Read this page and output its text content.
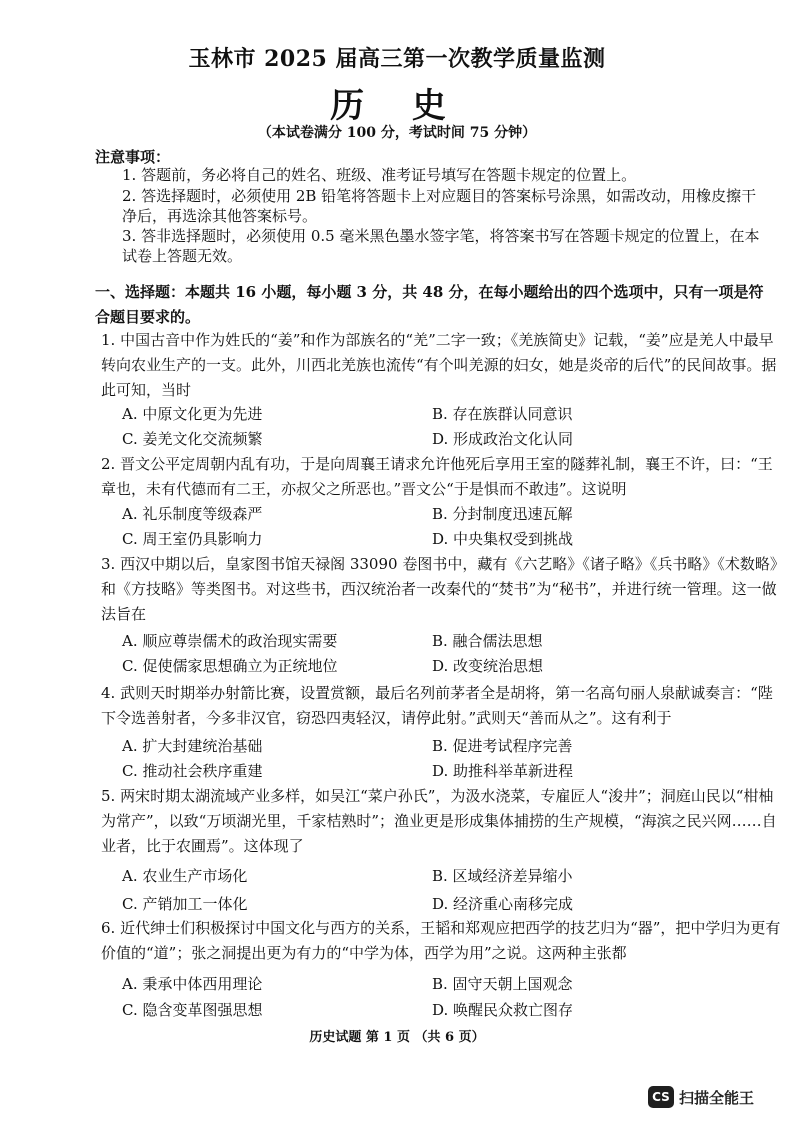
玉林市 2025 届高三第一次教学质量监测
历 史
（本试卷满分 100 分，考试时间 75 分钟）
注意事项：
1. 答题前，务必将自己的姓名、班级、准考证号填写在答题卡规定的位置上。
2. 答选择题时，必须使用 2B 铅笔将答题卡上对应题目的答案标号涂黑，如需改动，用橡皮擦干净后，再选涂其他答案标号。
3. 答非选择题时，必须使用 0.5 毫米黑色墨水签字笔，将答案书写在答题卡规定的位置上，在本试卷上答题无效。
一、选择题：本题共 16 小题，每小题 3 分，共 48 分，在每小题给出的四个选项中，只有一项是符合题目要求的。
1. 中国古音中作为姓氏的“姜”和作为部族名的“羌”二字一致；《羌族简史》记载，“姜”应是羌人中最早转向农业生产的一支。此外，川西北羌族也流传“有个叫羌源的妇女，她是炎帝的后代”的民间故事。据此可知，当时
A. 中原文化更为先进	B. 存在族群认同意识
C. 姜羌文化交流频繁	D. 形成政治文化认同
2. 晋文公平定周朝内乱有功，于是向周襄王请求允许他死后享用王室的隧葬礼制，襄王不许，曰：“王章也，未有代德而有二王，亦叔父之所恶也。”晋文公“于是惧而不敢违”。这说明
A. 礼乐制度等级森严	B. 分封制度迅速瓦解
C. 周王室仍具影响力	D. 中央集权受到挑战
3. 西汉中期以后，皇家图书馆天禄阁 33090 卷图书中，藏有《六艺略》《诸子略》《兵书略》《术数略》和《方技略》等类图书。对这些书，西汉统治者一改秦代的“焚书”为“秘书”，并进行统一管理。这一做法旨在
A. 顺应尊崇儒术的政治现实需要	B. 融合儒法思想
C. 促使儒家思想确立为正统地位	D. 改变统治思想
4. 武则天时期举办射箭比赛，设置赏额，最后名列前茅者全是胡将，第一名高句丽人泉献诚奏言：“陛下令选善射者，今多非汉官，窃恐四夷轻汉，请停此射。”武则天“善而从之”。这有利于
A. 扩大封建统治基础	B. 促进考试程序完善
C. 推动社会秩序重建	D. 助推科举革新进程
5. 两宋时期太湖流域产业多样，如吴江“菜户孙氏”，为汲水浇菜，专雇匠人“浚井”；洞庭山民以“柑柚为常产”，以致“万顷湖光里，千家桔熟时”；渔业更是形成集体捕捞的生产规模，“海滨之民兴网……自业者，比于农圃焉”。这体现了
A. 农业生产市场化	B. 区域经济差异缩小
C. 产销加工一体化	D. 经济重心南移完成
6. 近代绅士们积极探讨中国文化与西方的关系，王韬和郑观应把西学的技艺归为“器”，把中学归为更有价值的“道”；张之洞提出更为有力的“中学为体，西学为用”之说。这两种主张都
A. 秉承中体西用理论	B. 固守天朝上国观念
C. 隐含变革图强思想	D. 唤醒民众救亡图存
历史试题 第 1 页 （共 6 页）
CS 扫描全能王
